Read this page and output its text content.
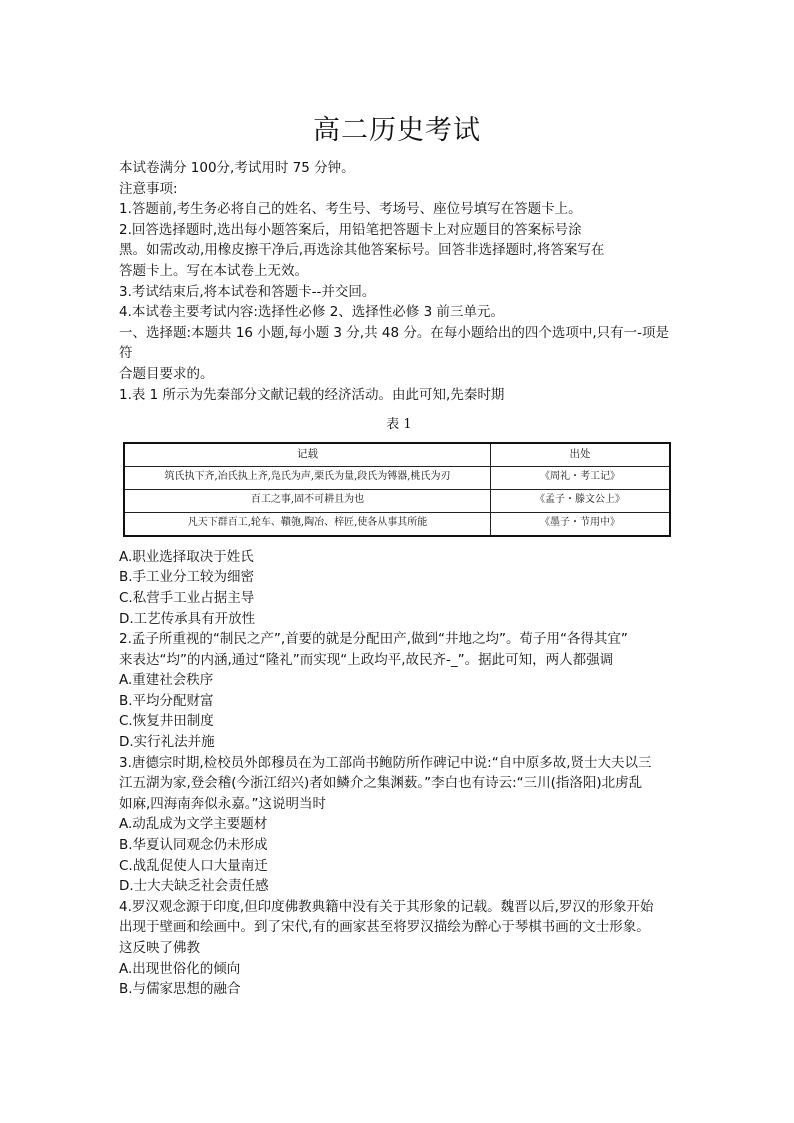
高二历史考试

本试卷满分 100分,考试用时 75 分钟。

注意事项:

1.答题前,考生务必将自己的姓名、考生号、考场号、座位号填写在答题卡上。

2.回答选择题时,选出每小题答案后，用铅笔把答题卡上对应题目的答案标号涂

黑。如需改动,用橡皮擦干净后,再选涂其他答案标号。回答非选择题时,将答案写在

答题卡上。写在本试卷上无效。

3.考试结束后,将本试卷和答题卡--并交回。

4.本试卷主要考试内容:选择性必修 2、选择性必修 3 前三单元。

一、选择题:本题共 16 小题,每小题 3 分,共 48 分。在每小题给出的四个选项中,只有一-项是

符

合题目要求的。

1.表 1 所示为先秦部分文献记载的经济活动。由此可知,先秦时期

表 1
记载	出处
筑氏执下齐,冶氏执上齐,凫氏为声,栗氏为量,段氏为镈器,桃氏为刃	《周礼・考工记》
百工之事,固不可耕且为也	《孟子・滕文公上》
凡天下群百工,轮车、鞼匏,陶冶、梓匠,使各从事其所能	《墨子・节用中》

A.职业选择取决于姓氏

B.手工业分工较为细密

C.私营手工业占据主导

D.工艺传承具有开放性

2.孟子所重视的“制民之产”,首要的就是分配田产,做到“井地之均”。荀子用“各得其宜”

来表达“均”的内涵,通过“隆礼”而实现“上政均平,故民齐-_”。据此可知，两人都强调

A.重建社会秩序

B.平均分配财富

C.恢复井田制度

D.实行礼法并施

3.唐德宗时期,检校员外郎穆员在为工部尚书鲍防所作碑记中说:“自中原多故,贤士大夫以三

江五湖为家,登会稽(今浙江绍兴)者如鳞介之集渊薮。”李白也有诗云:“三川(指洛阳)北虏乱

如麻,四海南奔似永嘉。”这说明当时

A.动乱成为文学主要题材

B.华夏认同观念仍未形成

C.战乱促使人口大量南迁

D.士大夫缺乏社会责任感

4.罗汉观念源于印度,但印度佛教典籍中没有关于其形象的记载。魏晋以后,罗汉的形象开始

出现于壁画和绘画中。到了宋代,有的画家甚至将罗汉描绘为醉心于琴棋书画的文士形象。

这反映了佛教

A.出现世俗化的倾向

B.与儒家思想的融合
